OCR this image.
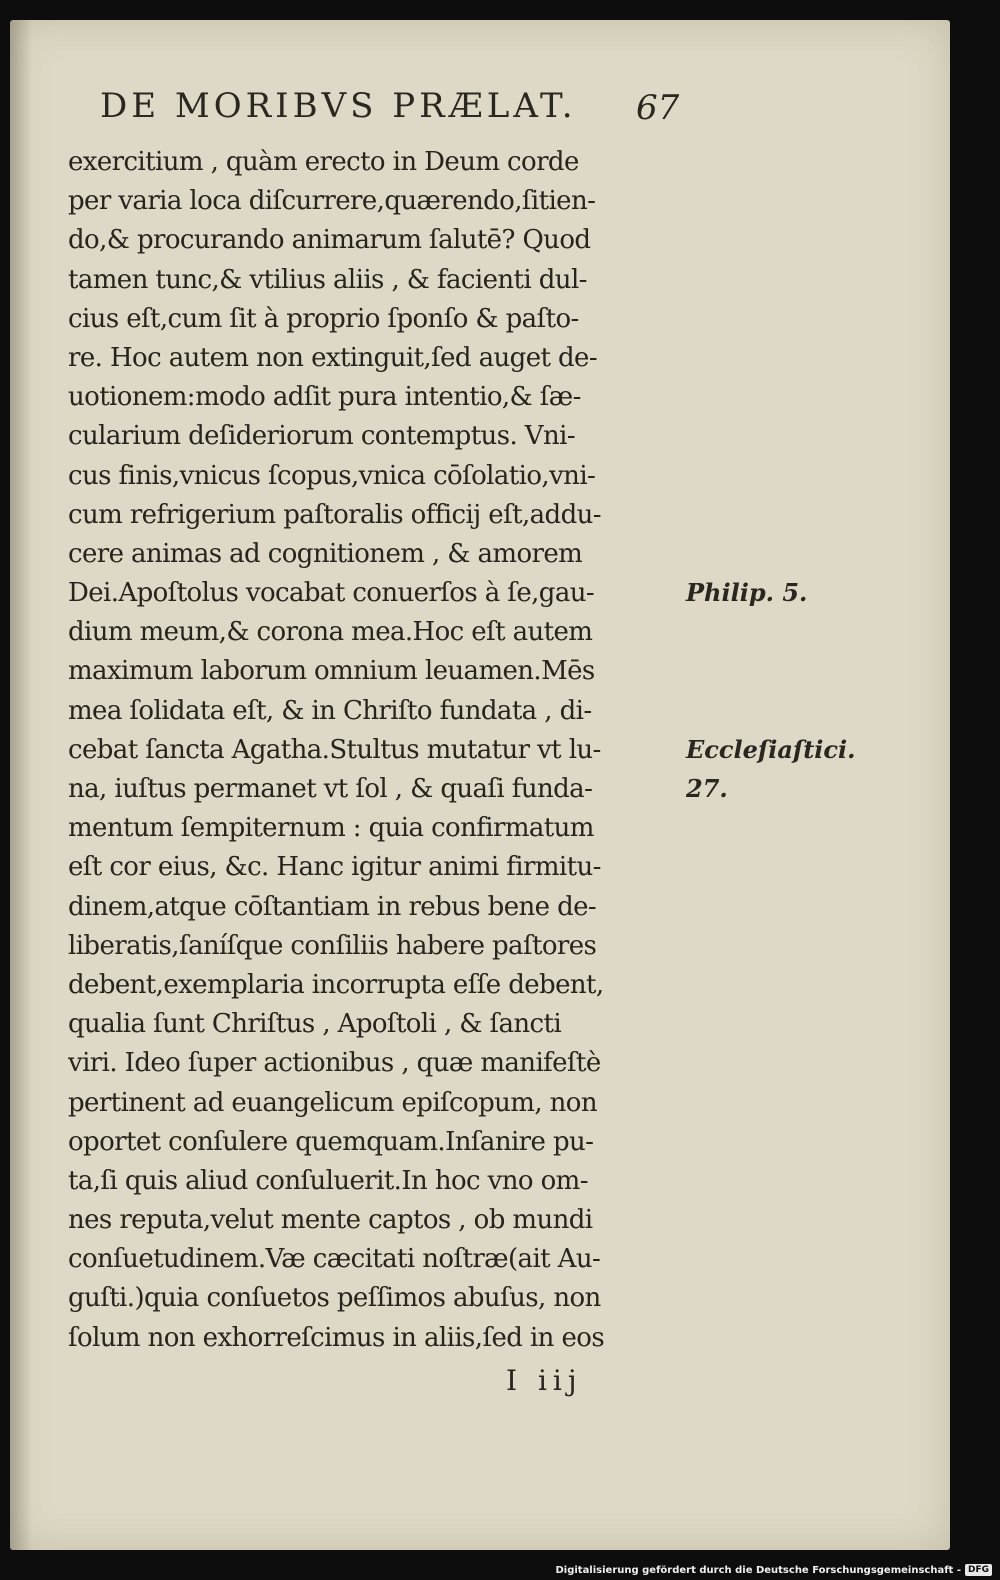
DE MORIBVS PRÆLAT. 67
exercitium , quàm erecto in Deum corde
per varia loca diſcurrere,quærendo,ſitien-
do,& procurando animarum ſalutē? Quod
tamen tunc,& vtilius aliis , & facienti dul-
cius eſt,cum ſit à proprio ſponſo & paſto-
re. Hoc autem non extinguit,ſed auget de-
uotionem:modo adſit pura intentio,& ſæ-
cularium deſideriorum contemptus. Vni-
cus finis,vnicus ſcopus,vnica cōſolatio,vni-
cum refrigerium paſtoralis officij eſt,addu-
cere animas ad cognitionem , & amorem
Dei.Apoſtolus vocabat conuerſos à ſe,gau-
dium meum,& corona mea.Hoc eſt autem
maximum laborum omnium leuamen.Mēs
mea ſolidata eſt, & in Chriſto fundata , di-
cebat ſancta Agatha.Stultus mutatur vt lu-
na, iuſtus permanet vt ſol , & quaſi funda-
mentum ſempiternum : quia confirmatum
eſt cor eius, &c. Hanc igitur animi firmitu-
dinem,atque cōſtantiam in rebus bene de-
liberatis,ſaníſque conſiliis habere paſtores
debent,exemplaria incorrupta eſſe debent,
qualia ſunt Chriſtus , Apoſtoli , & ſancti
viri. Ideo ſuper actionibus , quæ manifeſtè
pertinent ad euangelicum epiſcopum, non
oportet conſulere quemquam.Inſanire pu-
ta,ſi quis aliud conſuluerit.In hoc vno om-
nes reputa,velut mente captos , ob mundi
conſuetudinem.Væ cæcitati noſtræ(ait Au-
guſti.)quia conſuetos peſſimos abuſus, non
ſolum non exhorreſcimus in aliis,ſed in eos
Philip. 5.
Eccleſiaſtici.
27.
I iij
Digitalisierung gefördert durch die Deutsche Forschungsgemeinschaft - DFG
